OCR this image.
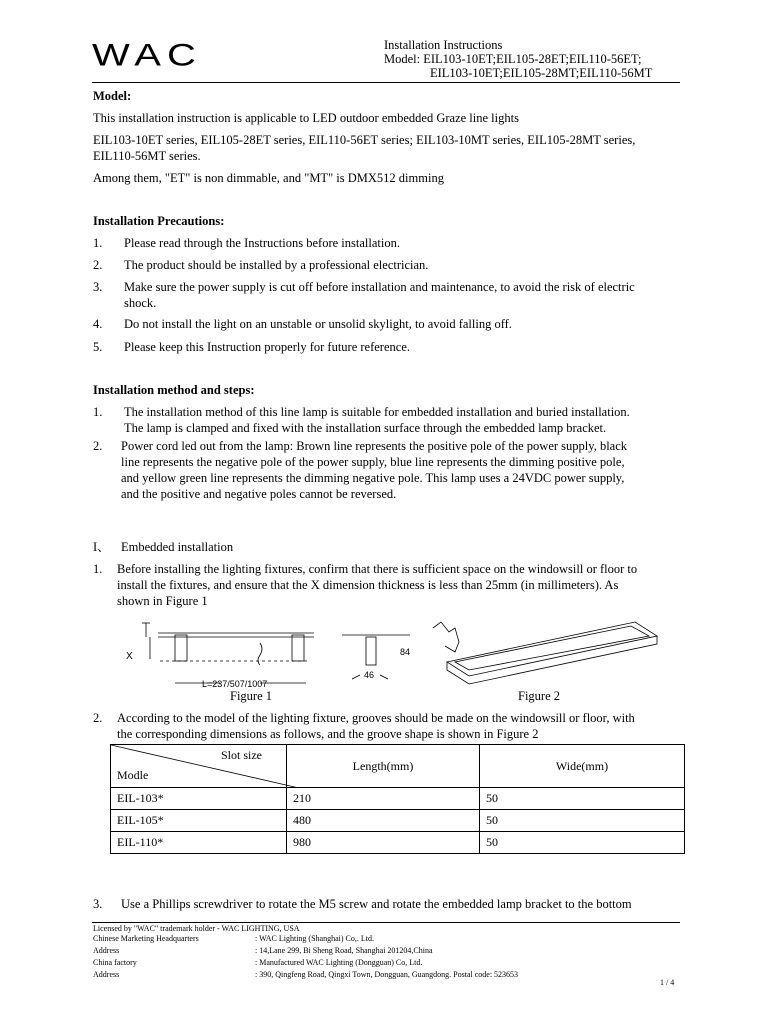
WAC	Installation Instructions
Model: EIL103-10ET;EIL105-28ET;EIL110-56ET;
EIL103-10ET;EIL105-28MT;EIL110-56MT
Model:
This installation instruction is applicable to LED outdoor embedded Graze line lights
EIL103-10ET series, EIL105-28ET series, EIL110-56ET series; EIL103-10MT series, EIL105-28MT series,
EIL110-56MT series.
Among them, "ET" is non dimmable, and "MT" is DMX512 dimming
Installation Precautions:
1. Please read through the Instructions before installation.
2. The product should be installed by a professional electrician.
3. Make sure the power supply is cut off before installation and maintenance, to avoid the risk of electric
shock.
4. Do not install the light on an unstable or unsolid skylight, to avoid falling off.
5. Please keep this Instruction properly for future reference.
Installation method and steps:
1. The installation method of this line lamp is suitable for embedded installation and buried installation.
The lamp is clamped and fixed with the installation surface through the embedded lamp bracket.
2. Power cord led out from the lamp: Brown line represents the positive pole of the power supply, black
line represents the negative pole of the power supply, blue line represents the dimming positive pole,
and yellow green line represents the dimming negative pole. This lamp uses a 24VDC power supply,
and the positive and negative poles cannot be reversed.
I、 Embedded installation
1. Before installing the lighting fixtures, confirm that there is sufficient space on the windowsill or floor to
install the fixtures, and ensure that the X dimension thickness is less than 25mm (in millimeters). As
shown in Figure 1
X
L=237/507/1007
84
46
Figure 1	Figure 2
2. According to the model of the lighting fixture, grooves should be made on the windowsill or floor, with
the corresponding dimensions as follows, and the groove shape is shown in Figure 2
Slot size
Modle	Length(mm)	Wide(mm)
EIL-103*	210	50
EIL-105*	480	50
EIL-110*	980	50
3. Use a Phillips screwdriver to rotate the M5 screw and rotate the embedded lamp bracket to the bottom
Licensed by "WAC" trademark holder - WAC LIGHTING, USA
Chinese Marketing Headquarters	: WAC Lighting (Shanghai) Co,. Ltd.
Address	: 14,Lane 299, Bi Sheng Road, Shanghai 201204,China
China factory	: Manufactured WAC Lighting (Dongguan) Co, Ltd.
Address	: 390, Qingfeng Road, Qingxi Town, Dongguan, Guangdong. Postal code: 523653
1 / 4
